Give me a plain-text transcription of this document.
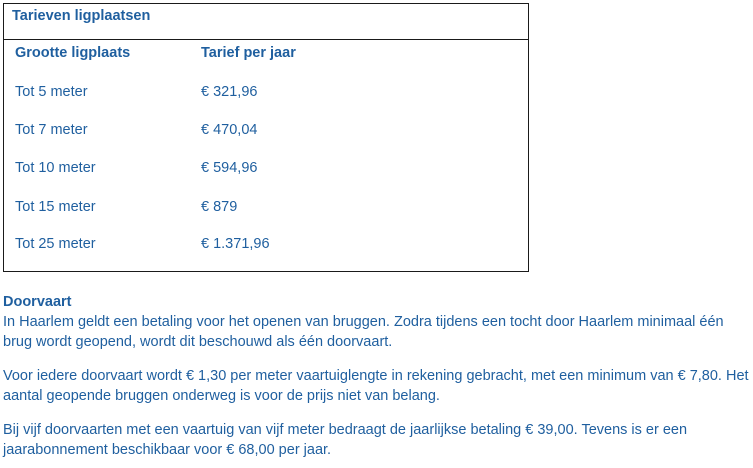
Tarieven ligplaatsen
Grootte ligplaats	Tarief per jaar
Tot 5 meter	€ 321,96
Tot 7 meter	€ 470,04
Tot 10 meter	€ 594,96
Tot 15 meter	€ 879
Tot 25 meter	€ 1.371,96
Doorvaart

In Haarlem geldt een betaling voor het openen van bruggen. Zodra tijdens een tocht door Haarlem minimaal één brug wordt geopend, wordt dit beschouwd als één doorvaart.

Voor iedere doorvaart wordt € 1,30 per meter vaartuiglengte in rekening gebracht, met een minimum van € 7,80. Het aantal geopende bruggen onderweg is voor de prijs niet van belang.

Bij vijf doorvaarten met een vaartuig van vijf meter bedraagt de jaarlijkse betaling € 39,00. Tevens is er een jaarabonnement beschikbaar voor € 68,00 per jaar.
